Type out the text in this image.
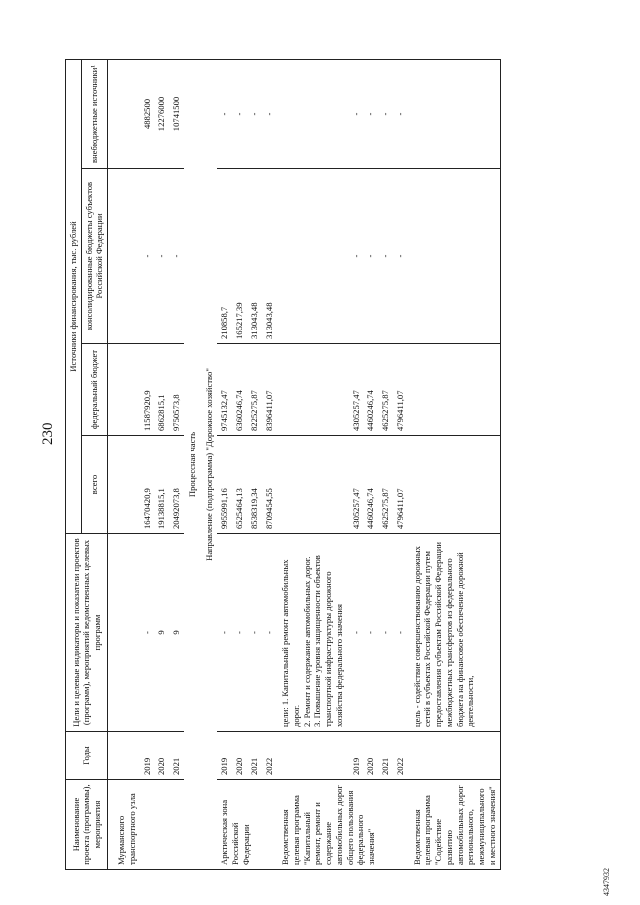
230
4347932
Наименование проекта (программы), мероприятия	Годы	Цели и целевые индикаторы и показатели проектов (программ), мероприятий ведомственных целевых программ	Источники финансирования, тыс. рублей			
			всего	федеральный бюджет	консолидированные бюджеты субъектов Российской Федерации	внебюджетные источники¹
Мурманского транспортного узла						
	2019	-	16470420,9	11587920,9	-	4882500
	2020	9	19138815,1	6862815,1	-	12276000
	2021	9	20492073,8	9750573,8	-	10741500
Процессная часть						
Направление (подпрограмма) "Дорожное хозяйство"						
Арктическая зона Российской Федерации	2019	-	9955991,16	9745132,47	210858,7	-
	2020	-	6525464,13	6360246,74	165217,39	-
	2021	-	8538319,34	8225275,87	313043,48	-
	2022	-	8709454,55	8396411,07	313043,48	-
Ведомственная целевая программа "Капитальный ремонт, ремонт и содержание автомобильных дорог общего пользования федерального значения"		цели: 1. Капитальный ремонт автомобильных дорог.
2. Ремонт и содержание автомобильных дорог.
3. Повышение уровня защищенности объектов транспортной инфраструктуры дорожного хозяйства федерального значения				
	2019	-	4305257,47	4305257,47	-	-
	2020	-	4460246,74	4460246,74	-	-
	2021	-	4625275,87	4625275,87	-	-
	2022	-	4796411,07	4796411,07	-	-
Ведомственная целевая программа "Содействие развитию автомобильных дорог регионального, межмуниципального и местного значения"		цель - содействие совершенствованию дорожных сетей в субъектах Российской Федерации путем предоставления субъектам Российской Федерации межбюджетных трансфертов из федерального бюджета на финансовое обеспечение дорожной деятельности,				
